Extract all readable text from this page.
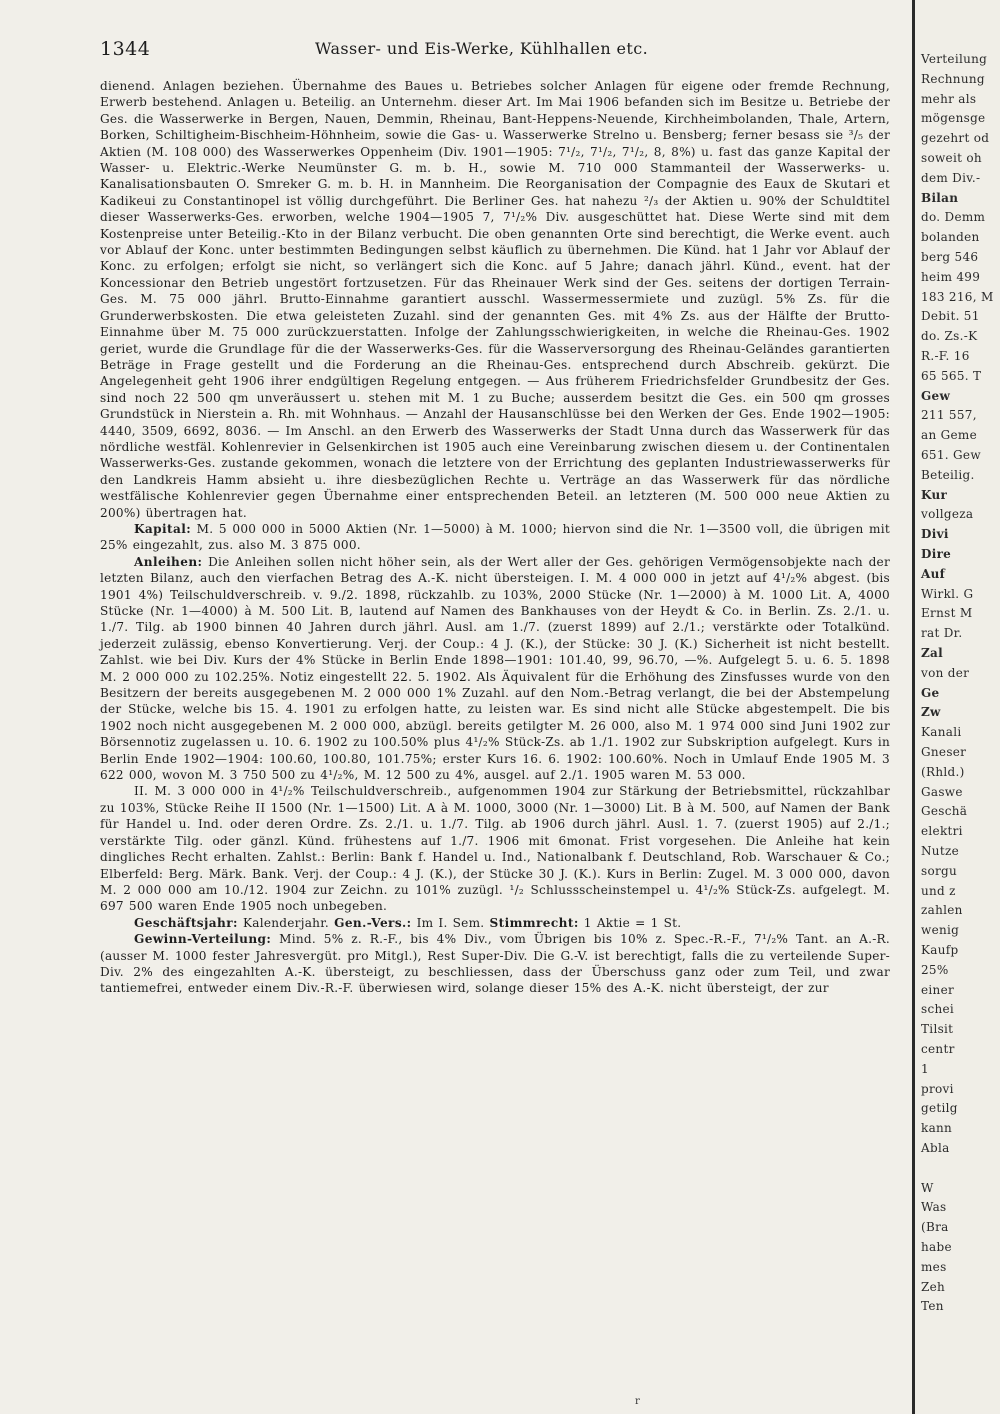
1344	Wasser- und Eis-Werke, Kühlhallen etc.

dienend. Anlagen beziehen. Übernahme des Baues u. Betriebes solcher Anlagen für eigene oder fremde Rechnung, Erwerb bestehend. Anlagen u. Beteilig. an Unternehm. dieser Art. Im Mai 1906 befanden sich im Besitze u. Betriebe der Ges. die Wasserwerke in Bergen, Nauen, Demmin, Rheinau, Bant-Heppens-Neuende, Kirchheimbolanden, Thale, Artern, Borken, Schiltigheim-Bischheim-Höhnheim, sowie die Gas- u. Wasserwerke Strelno u. Bensberg; ferner besass sie ³/₅ der Aktien (M. 108 000) des Wasserwerkes Oppenheim (Div. 1901—1905: 7¹/₂, 7¹/₂, 7¹/₂, 8, 8%) u. fast das ganze Kapital der Wasser- u. Elektric.-Werke Neumünster G. m. b. H., sowie M. 710 000 Stammanteil der Wasserwerks- u. Kanalisationsbauten O. Smreker G. m. b. H. in Mannheim. Die Reorganisation der Compagnie des Eaux de Skutari et Kadikeui zu Constantinopel ist völlig durchgeführt. Die Berliner Ges. hat nahezu ²/₃ der Aktien u. 90% der Schuldtitel dieser Wasserwerks-Ges. erworben, welche 1904—1905 7, 7¹/₂% Div. ausgeschüttet hat. Diese Werte sind mit dem Kostenpreise unter Beteilig.-Kto in der Bilanz verbucht. Die oben genannten Orte sind berechtigt, die Werke event. auch vor Ablauf der Konc. unter bestimmten Bedingungen selbst käuflich zu übernehmen. Die Künd. hat 1 Jahr vor Ablauf der Konc. zu erfolgen; erfolgt sie nicht, so verlängert sich die Konc. auf 5 Jahre; danach jährl. Künd., event. hat der Koncessionar den Betrieb ungestört fortzusetzen. Für das Rheinauer Werk sind der Ges. seitens der dortigen Terrain-Ges. M. 75 000 jährl. Brutto-Einnahme garantiert ausschl. Wassermessermiete und zuzügl. 5% Zs. für die Grunderwerbskosten. Die etwa geleisteten Zuzahl. sind der genannten Ges. mit 4% Zs. aus der Hälfte der Brutto-Einnahme über M. 75 000 zurückzuerstatten. Infolge der Zahlungsschwierigkeiten, in welche die Rheinau-Ges. 1902 geriet, wurde die Grundlage für die der Wasserwerks-Ges. für die Wasserversorgung des Rheinau-Geländes garantierten Beträge in Frage gestellt und die Forderung an die Rheinau-Ges. entsprechend durch Abschreib. gekürzt. Die Angelegenheit geht 1906 ihrer endgültigen Regelung entgegen. — Aus früherem Friedrichsfelder Grundbesitz der Ges. sind noch 22 500 qm unveräussert u. stehen mit M. 1 zu Buche; ausserdem besitzt die Ges. ein 500 qm grosses Grundstück in Nierstein a. Rh. mit Wohnhaus. — Anzahl der Hausanschlüsse bei den Werken der Ges. Ende 1902—1905: 4440, 3509, 6692, 8036. — Im Anschl. an den Erwerb des Wasserwerks der Stadt Unna durch das Wasserwerk für das nördliche westfäl. Kohlenrevier in Gelsenkirchen ist 1905 auch eine Vereinbarung zwischen diesem u. der Continentalen Wasserwerks-Ges. zustande gekommen, wonach die letztere von der Errichtung des geplanten Industriewasserwerks für den Landkreis Hamm absieht u. ihre diesbezüglichen Rechte u. Verträge an das Wasserwerk für das nördliche westfälische Kohlenrevier gegen Übernahme einer entsprechenden Beteil. an letzteren (M. 500 000 neue Aktien zu 200%) übertragen hat.

Kapital: M. 5 000 000 in 5000 Aktien (Nr. 1—5000) à M. 1000; hiervon sind die Nr. 1—3500 voll, die übrigen mit 25% eingezahlt, zus. also M. 3 875 000.

Anleihen: Die Anleihen sollen nicht höher sein, als der Wert aller der Ges. gehörigen Vermögensobjekte nach der letzten Bilanz, auch den vierfachen Betrag des A.-K. nicht übersteigen. I. M. 4 000 000 in jetzt auf 4¹/₂% abgest. (bis 1901 4%) Teilschuldverschreib. v. 9./2. 1898, rückzahlb. zu 103%, 2000 Stücke (Nr. 1—2000) à M. 1000 Lit. A, 4000 Stücke (Nr. 1—4000) à M. 500 Lit. B, lautend auf Namen des Bankhauses von der Heydt & Co. in Berlin. Zs. 2./1. u. 1./7. Tilg. ab 1900 binnen 40 Jahren durch jährl. Ausl. am 1./7. (zuerst 1899) auf 2./1.; verstärkte oder Totalkünd. jederzeit zulässig, ebenso Konvertierung. Verj. der Coup.: 4 J. (K.), der Stücke: 30 J. (K.) Sicherheit ist nicht bestellt. Zahlst. wie bei Div. Kurs der 4% Stücke in Berlin Ende 1898—1901: 101.40, 99, 96.70, —%. Aufgelegt 5. u. 6. 5. 1898 M. 2 000 000 zu 102.25%. Notiz eingestellt 22. 5. 1902. Als Äquivalent für die Erhöhung des Zinsfusses wurde von den Besitzern der bereits ausgegebenen M. 2 000 000 1% Zuzahl. auf den Nom.-Betrag verlangt, die bei der Abstempelung der Stücke, welche bis 15. 4. 1901 zu erfolgen hatte, zu leisten war. Es sind nicht alle Stücke abgestempelt. Die bis 1902 noch nicht ausgegebenen M. 2 000 000, abzügl. bereits getilgter M. 26 000, also M. 1 974 000 sind Juni 1902 zur Börsennotiz zugelassen u. 10. 6. 1902 zu 100.50% plus 4¹/₂% Stück-Zs. ab 1./1. 1902 zur Subskription aufgelegt. Kurs in Berlin Ende 1902—1904: 100.60, 100.80, 101.75%; erster Kurs 16. 6. 1902: 100.60%. Noch in Umlauf Ende 1905 M. 3 622 000, wovon M. 3 750 500 zu 4¹/₂%, M. 12 500 zu 4%, ausgel. auf 2./1. 1905 waren M. 53 000.

II. M. 3 000 000 in 4¹/₂% Teilschuldverschreib., aufgenommen 1904 zur Stärkung der Betriebsmittel, rückzahlbar zu 103%, Stücke Reihe II 1500 (Nr. 1—1500) Lit. A à M. 1000, 3000 (Nr. 1—3000) Lit. B à M. 500, auf Namen der Bank für Handel u. Ind. oder deren Ordre. Zs. 2./1. u. 1./7. Tilg. ab 1906 durch jährl. Ausl. 1. 7. (zuerst 1905) auf 2./1.; verstärkte Tilg. oder gänzl. Künd. frühestens auf 1./7. 1906 mit 6monat. Frist vorgesehen. Die Anleihe hat kein dingliches Recht erhalten. Zahlst.: Berlin: Bank f. Handel u. Ind., Nationalbank f. Deutschland, Rob. Warschauer & Co.; Elberfeld: Berg. Märk. Bank. Verj. der Coup.: 4 J. (K.), der Stücke 30 J. (K.). Kurs in Berlin: Zugel. M. 3 000 000, davon M. 2 000 000 am 10./12. 1904 zur Zeichn. zu 101% zuzügl. ¹/₂ Schlussscheinstempel u. 4¹/₂% Stück-Zs. aufgelegt. M. 697 500 waren Ende 1905 noch unbegeben.

Geschäftsjahr: Kalenderjahr. Gen.-Vers.: Im I. Sem. Stimmrecht: 1 Aktie = 1 St.

Gewinn-Verteilung: Mind. 5% z. R.-F., bis 4% Div., vom Übrigen bis 10% z. Spec.-R.-F., 7¹/₂% Tant. an A.-R. (ausser M. 1000 fester Jahresvergüt. pro Mitgl.), Rest Super-Div. Die G.-V. ist berechtigt, falls die zu verteilende Super-Div. 2% des eingezahlten A.-K. übersteigt, zu beschliessen, dass der Überschuss ganz oder zum Teil, und zwar tantiemefrei, entweder einem Div.-R.-F. überwiesen wird, solange dieser 15% des A.-K. nicht übersteigt, der zur

Verteilung
Rechnung
mehr als
mögensge
gezehrt od
soweit oh
dem Div.-
Bilan
do. Demm
bolanden
berg 546
heim 499
183 216, M
Debit. 51
do. Zs.-K
R.-F. 16
65 565. T
Gew
211 557,
an Geme
651. Gew
Beteilig.
Kur
vollgeza
Divi
Dire
Auf
Wirkl. G
Ernst M
rat Dr.
Zal
von der
Ge
Zw
Kanali
Gneser
(Rhld.)
Gaswe
Geschä
elektri
Nutze
sorgu
und z
zahlen
wenig
Kaufp
25%
einer
schei
Tilsit
centr
1
provi
getilg
kann
Abla
W
Was
(Bra
habe
mes
Zeh
Ten
r
